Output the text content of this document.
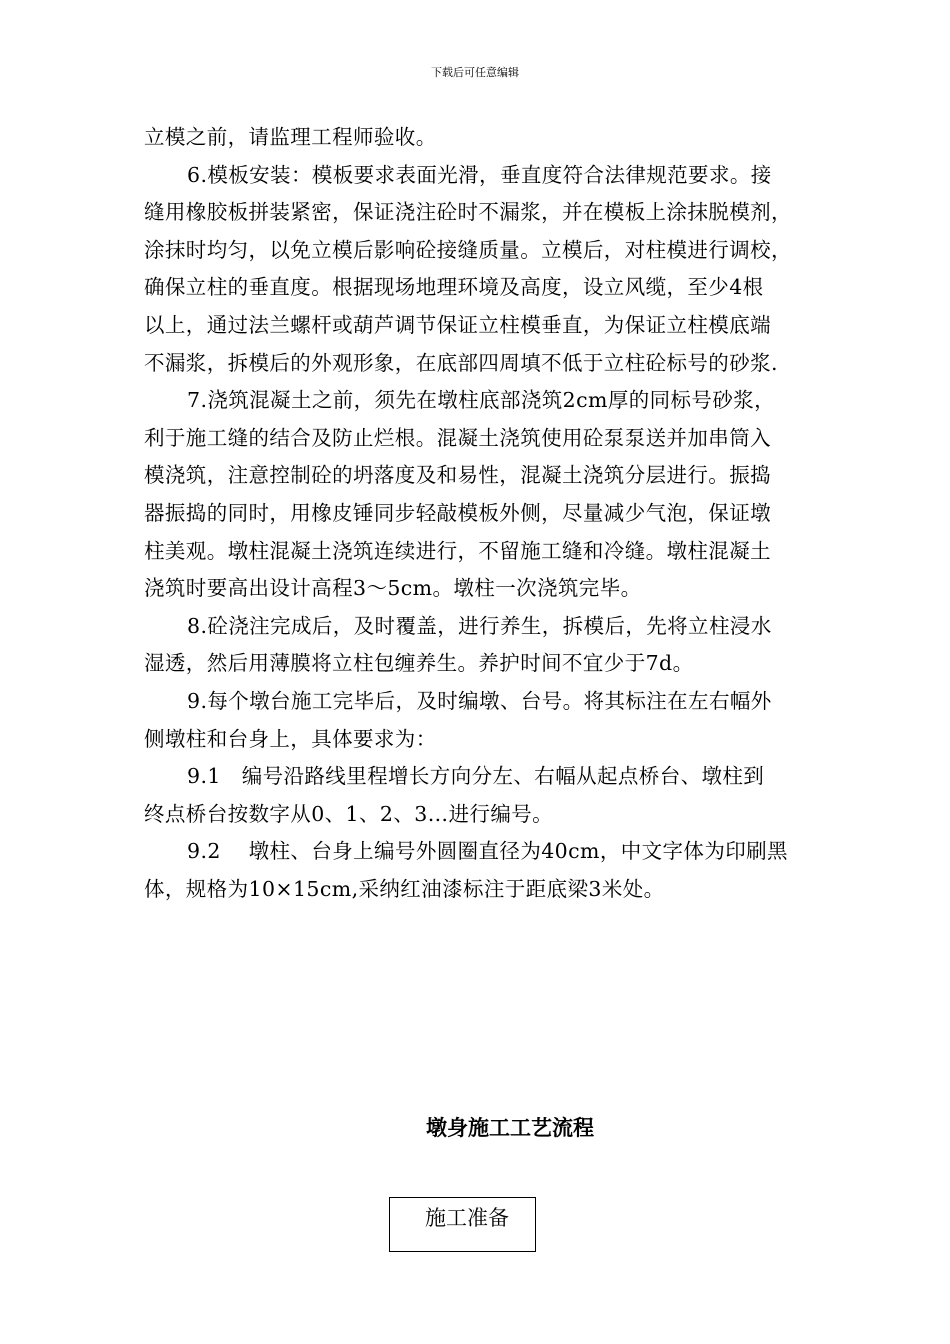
下载后可任意编辑
立模之前，请监理工程师验收。
6.模板安装：模板要求表面光滑，垂直度符合法律规范要求。接
缝用橡胶板拼装紧密，保证浇注砼时不漏浆，并在模板上涂抹脱模剂，
涂抹时均匀，以免立模后影响砼接缝质量。立模后，对柱模进行调校，
确保立柱的垂直度。根据现场地理环境及高度，设立风缆，至少4根
以上，通过法兰螺杆或葫芦调节保证立柱模垂直，为保证立柱模底端
不漏浆，拆模后的外观形象，在底部四周填不低于立柱砼标号的砂浆.
7.浇筑混凝土之前，须先在墩柱底部浇筑2cm厚的同标号砂浆，
利于施工缝的结合及防止烂根。混凝土浇筑使用砼泵泵送并加串筒入
模浇筑，注意控制砼的坍落度及和易性，混凝土浇筑分层进行。振捣
器振捣的同时，用橡皮锤同步轻敲模板外侧，尽量减少气泡，保证墩
柱美观。墩柱混凝土浇筑连续进行，不留施工缝和冷缝。墩柱混凝土
浇筑时要高出设计高程3～5cm。墩柱一次浇筑完毕。
8.砼浇注完成后，及时覆盖，进行养生，拆模后，先将立柱浸水
湿透，然后用薄膜将立柱包缠养生。养护时间不宜少于7d。
9.每个墩台施工完毕后，及时编墩、台号。将其标注在左右幅外
侧墩柱和台身上，具体要求为：
9.1　编号沿路线里程增长方向分左、右幅从起点桥台、墩柱到
终点桥台按数字从0、1、2、3…进行编号。
9.2　 墩柱、台身上编号外圆圈直径为40cm，中文字体为印刷黑
体，规格为10×15cm,采纳红油漆标注于距底梁3米处。
墩身施工工艺流程
施工准备
